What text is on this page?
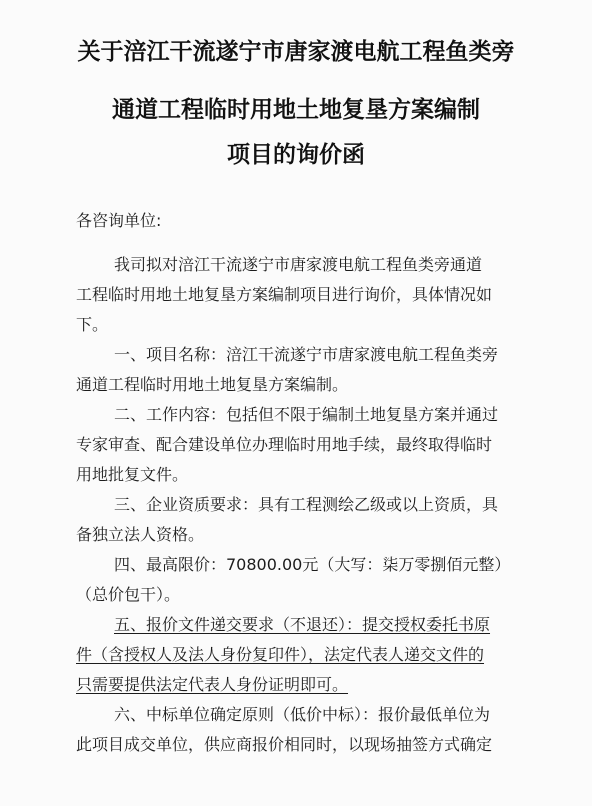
关于涪江干流遂宁市唐家渡电航工程鱼类旁
通道工程临时用地土地复垦方案编制
项目的询价函
各咨询单位:
我司拟对涪江干流遂宁市唐家渡电航工程鱼类旁通道
工程临时用地土地复垦方案编制项目进行询价，具体情况如
下。
一、项目名称：涪江干流遂宁市唐家渡电航工程鱼类旁
通道工程临时用地土地复垦方案编制。
二、工作内容：包括但不限于编制土地复垦方案并通过
专家审查、配合建设单位办理临时用地手续，最终取得临时
用地批复文件。
三、企业资质要求：具有工程测绘乙级或以上资质，具
备独立法人资格。
四、最高限价：70800.00元（大写：柒万零捌佰元整）
（总价包干）。
五、报价文件递交要求（不退还）：提交授权委托书原
件（含授权人及法人身份复印件），法定代表人递交文件的
只需要提供法定代表人身份证明即可。
六、中标单位确定原则（低价中标）：报价最低单位为
此项目成交单位，供应商报价相同时，以现场抽签方式确定
